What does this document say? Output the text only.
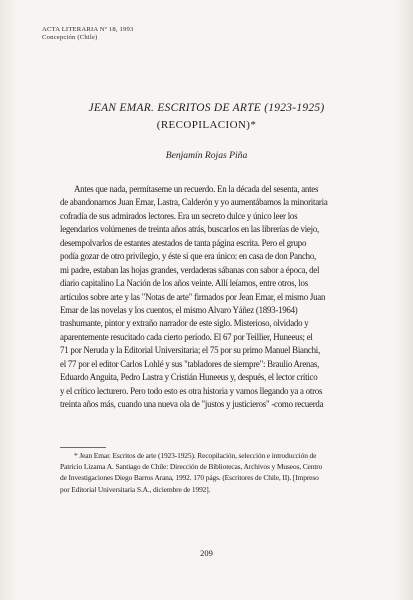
ACTA LITERARIA Nº 18, 1993
Concepción (Chile)
JEAN EMAR. ESCRITOS DE ARTE (1923-1925)
(RECOPILACION)*
Benjamín Rojas Piña
Antes que nada, permítaseme un recuerdo. En la década del sesenta, antes
de abandonarnos Juan Emar, Lastra, Calderón y yo aumentábamos la minoritaria
cofradía de sus admirados lectores. Era un secreto dulce y único leer los
legendarios volúmenes de treinta años atrás, buscarlos en las librerías de viejo,
desempolvarlos de estantes atestados de tanta página escrita. Pero el grupo
podía gozar de otro privilegio, y éste sí que era único: en casa de don Pancho,
mi padre, estaban las hojas grandes, verdaderas sábanas con sabor a época, del
diario capitalino La Nación de los años veinte. Allí leíamos, entre otros, los
artículos sobre arte y las "Notas de arte" firmados por Jean Emar, el mismo Juan
Emar de las novelas y los cuentos, el mismo Alvaro Yáñez (1893-1964)
trashumante, pintor y extraño narrador de este siglo. Misterioso, olvidado y
aparentemente resucitado cada cierto período. El 67 por Teillier, Huneeus; el
71 por Neruda y la Editorial Universitaria; el 75 por su primo Manuel Bianchi,
el 77 por el editor Carlos Lohlé y sus "tabladores de siempre": Braulio Arenas,
Eduardo Anguita, Pedro Lastra y Cristián Huneeus y, después, el lector crítico
y el crítico lecturero. Pero todo esto es otra historia y vamos llegando ya a otros
treinta años más, cuando una nueva ola de "justos y justicieros" -como recuerda
* Jean Emar. Escritos de arte (1923-1925). Recopilación, selección e introducción de
Patricio Lizama A. Santiago de Chile: Dirección de Bibliotecas, Archivos y Museos, Centro
de Investigaciones Diego Barros Arana, 1992. 170 págs. (Escritores de Chile, II). [Impreso
por Editorial Universitaria S.A., diciembre de 1992].
209
